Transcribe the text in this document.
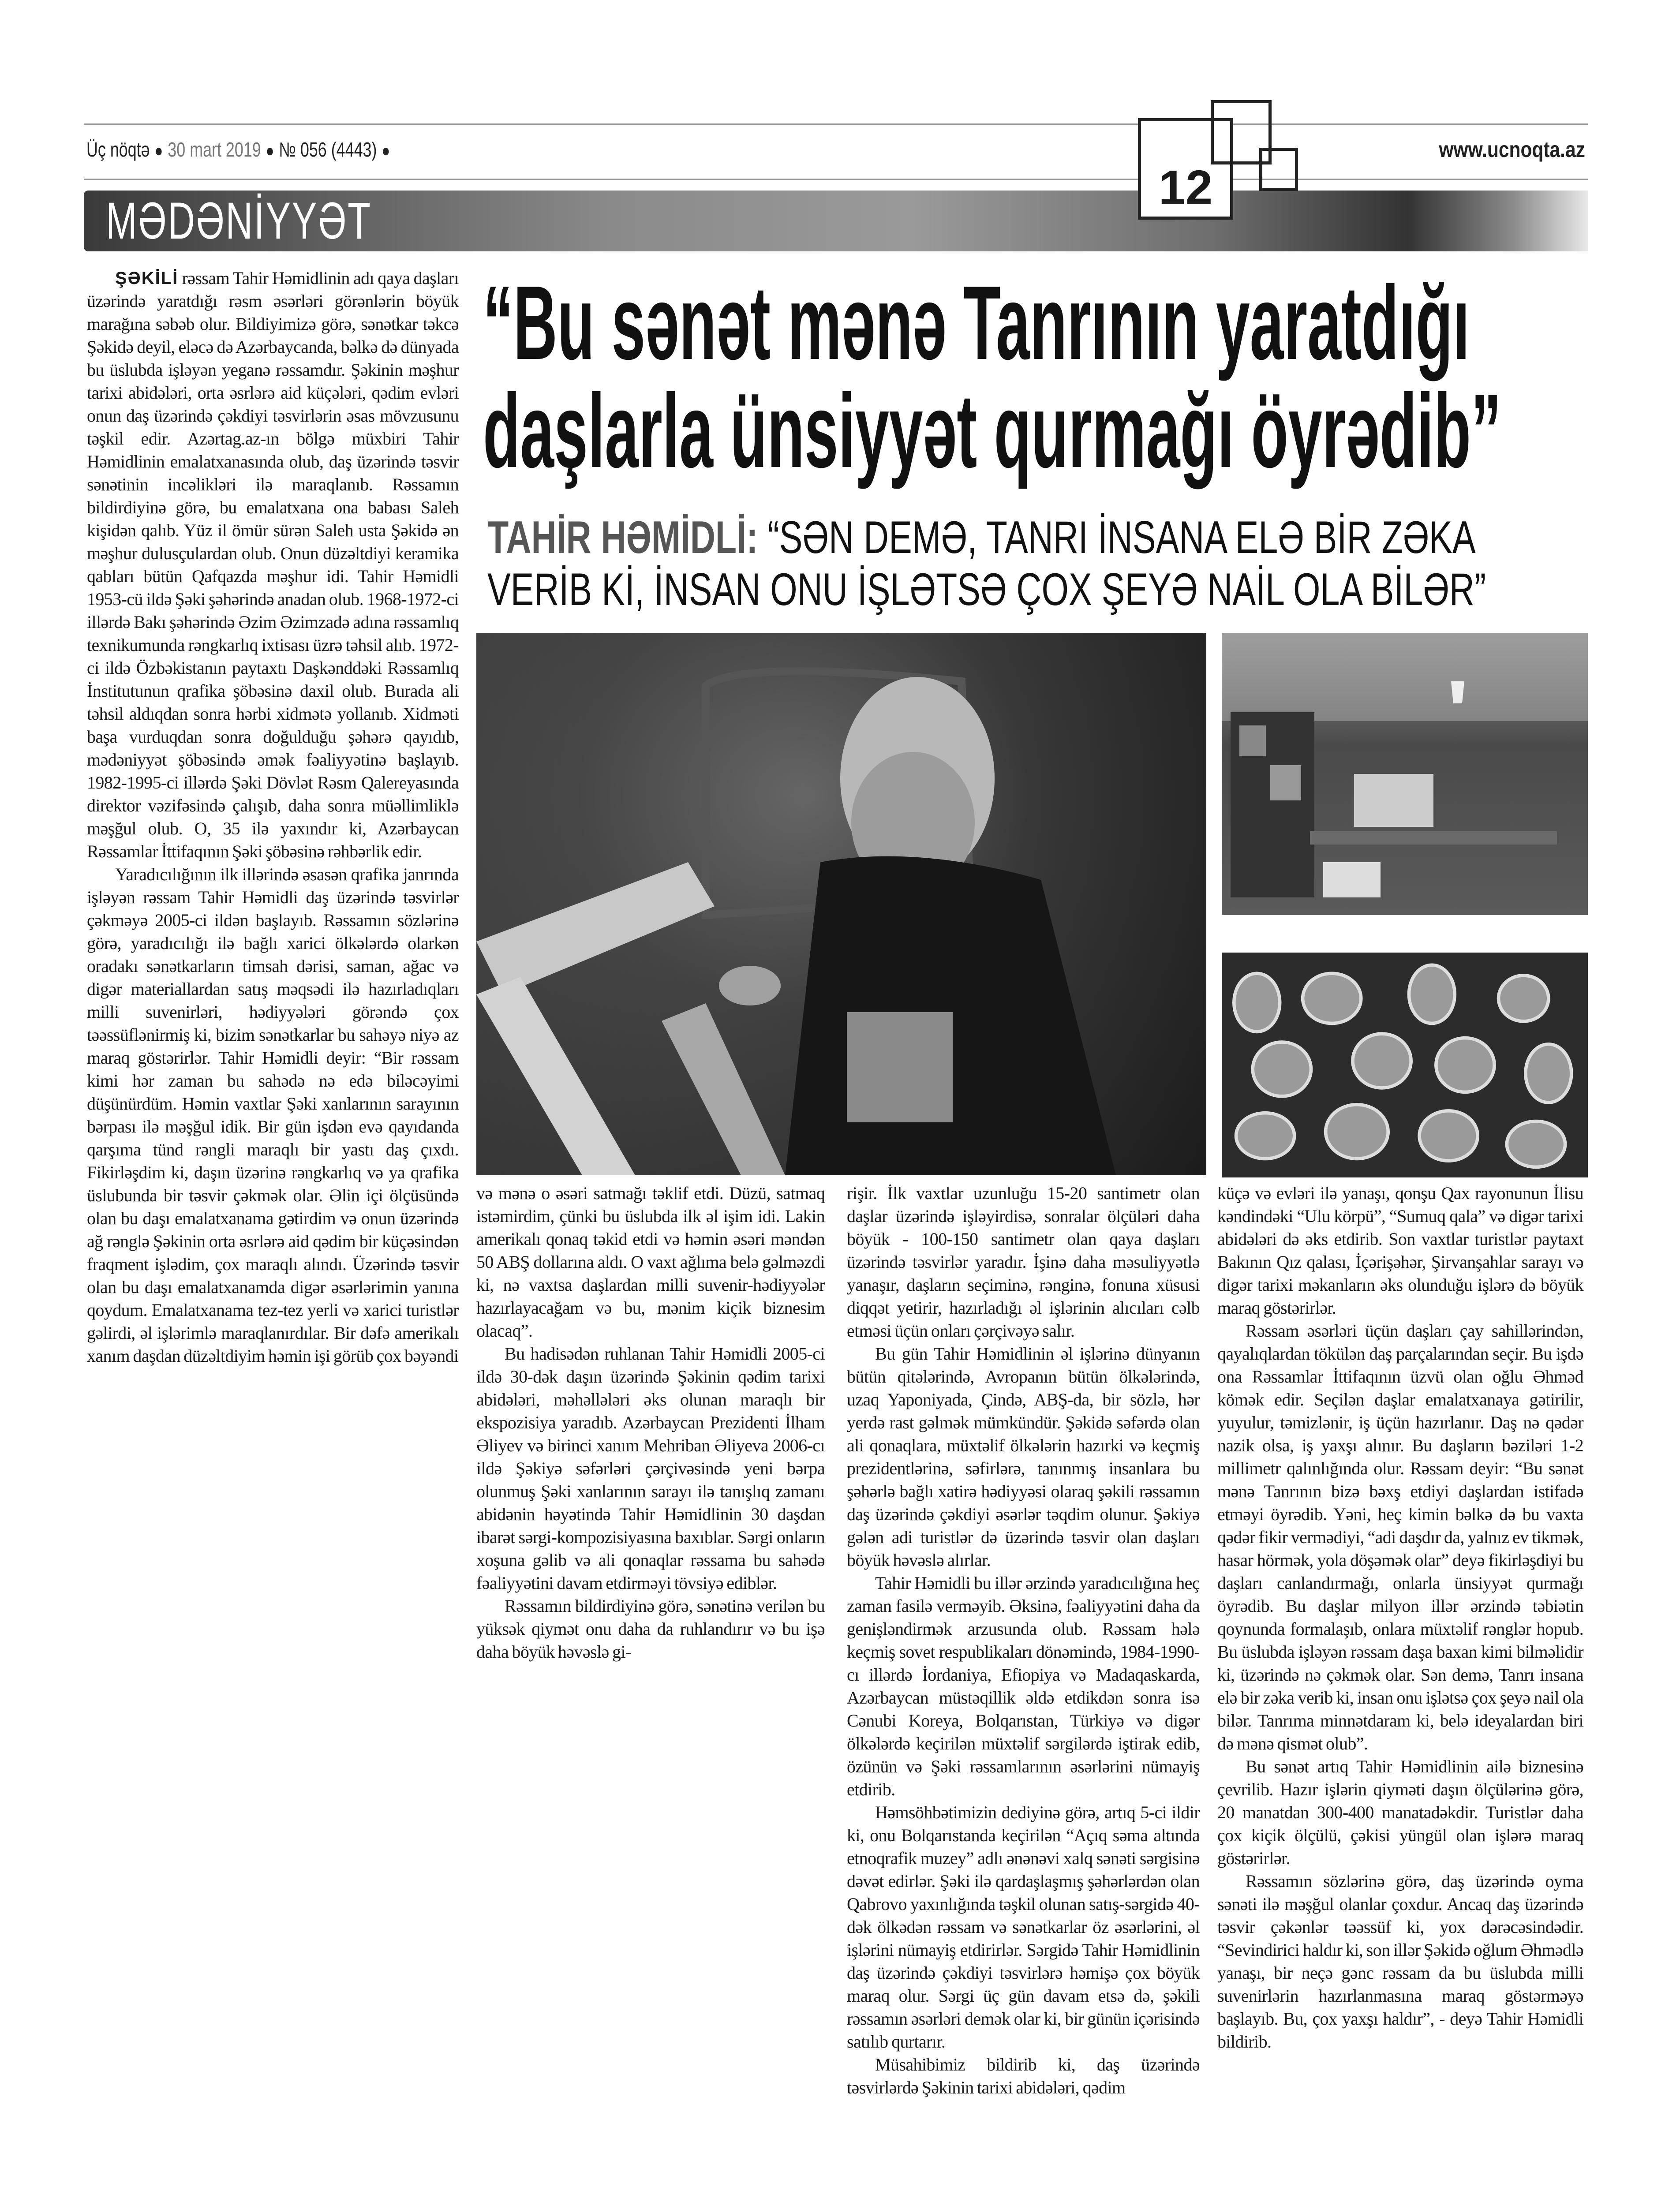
Üç nöqtə ● 30 mart 2019 ● № 056 (4443) ●	www.ucnoqta.az
12
MƏDƏNİYYƏT
“Bu sənət mənə Tanrının yaratdığı
daşlarla ünsiyyət qurmağı öyrədib”
TAHİR HƏMİDLİ: “SƏN DEMƏ, TANRI İNSANA ELƏ BİR ZƏKA
VERİB Kİ, İNSAN ONU İŞLƏTSƏ ÇOX ŞEYƏ NAİL OLA BİLƏR”

ŞƏKİLİ rəssam Tahir Həmidlinin adı qaya daşları üzərində yaratdığı rəsm əsərləri görənlərin böyük marağına səbəb olur. Bildiyimizə görə, sənətkar təkcə Şəkidə deyil, eləcə də Azərbaycanda, bəlkə də dünyada bu üslubda işləyən yeganə rəssamdır. Şəkinin məşhur tarixi abidələri, orta əsrlərə aid küçələri, qədim evləri onun daş üzərində çəkdiyi təsvirlərin əsas mövzusunu təşkil edir. Azərtag.az-ın bölgə müxbiri Tahir Həmidlinin emalatxanasında olub, daş üzərində təsvir sənətinin incəlikləri ilə maraqlanıb. Rəssamın bildirdiyinə görə, bu emalatxana ona babası Saleh kişidən qalıb. Yüz il ömür sürən Saleh usta Şəkidə ən məşhur dulusçulardan olub. Onun düzəltdiyi keramika qabları bütün Qafqazda məşhur idi. Tahir Həmidli 1953-cü ildə Şəki şəhərində anadan olub. 1968-1972-ci illərdə Bakı şəhərində Əzim Əzimzadə adına rəssamlıq texnikumunda rəngkarlıq ixtisası üzrə təhsil alıb. 1972-ci ildə Özbəkistanın paytaxtı Daşkənddəki Rəssamlıq İnstitutunun qrafika şöbəsinə daxil olub. Burada ali təhsil aldıqdan sonra hərbi xidmətə yollanıb. Xidməti başa vurduqdan sonra doğulduğu şəhərə qayıdıb, mədəniyyət şöbəsində əmək fəaliyyətinə başlayıb. 1982-1995-ci illərdə Şəki Dövlət Rəsm Qalereyasında direktor vəzifəsində çalışıb, daha sonra müəllimliklə məşğul olub. O, 35 ilə yaxındır ki, Azərbaycan Rəssamlar İttifaqının Şəki şöbəsinə rəhbərlik edir.

Yaradıcılığının ilk illərində əsasən qrafika janrında işləyən rəssam Tahir Həmidli daş üzərində təsvirlər çəkməyə 2005-ci ildən başlayıb. Rəssamın sözlərinə görə, yaradıcılığı ilə bağlı xarici ölkələrdə olarkən oradakı sənətkarların timsah dərisi, saman, ağac və digər materiallardan satış məqsədi ilə hazırladıqları milli suvenirləri, hədiyyələri görəndə çox təəssüflənirmiş ki, bizim sənətkarlar bu sahəyə niyə az maraq göstərirlər. Tahir Həmidli deyir: “Bir rəssam kimi hər zaman bu sahədə nə edə biləcəyimi düşünürdüm. Həmin vaxtlar Şəki xanlarının sarayının bərpası ilə məşğul idik. Bir gün işdən evə qayıdanda qarşıma tünd rəngli maraqlı bir yastı daş çıxdı. Fikirləşdim ki, daşın üzərinə rəngkarlıq və ya qrafika üslubunda bir təsvir çəkmək olar. Əlin içi ölçüsündə olan bu daşı emalatxanama gətirdim və onun üzərində ağ rənglə Şəkinin orta əsrlərə aid qədim bir küçəsindən fraqment işlədim, çox maraqlı alındı. Üzərində təsvir olan bu daşı emalatxanamda digər əsərlərimin yanına qoydum. Emalatxanama tez-tez yerli və xarici turistlər gəlirdi, əl işlərimlə maraqlanırdılar. Bir dəfə amerikalı xanım daşdan düzəltdiyim həmin işi görüb çox bəyəndi

və mənə o əsəri satmağı təklif etdi. Düzü, satmaq istəmirdim, çünki bu üslubda ilk əl işim idi. Lakin amerikalı qonaq təkid etdi və həmin əsəri məndən 50 ABŞ dollarına aldı. O vaxt ağlıma belə gəlməzdi ki, nə vaxtsa daşlardan milli suvenir-hədiyyələr hazırlayacağam və bu, mənim kiçik biznesim olacaq”.

Bu hadisədən ruhlanan Tahir Həmidli 2005-ci ildə 30-dək daşın üzərində Şəkinin qədim tarixi abidələri, məhəllələri əks olunan maraqlı bir ekspozisiya yaradıb. Azərbaycan Prezidenti İlham Əliyev və birinci xanım Mehriban Əliyeva 2006-cı ildə Şəkiyə səfərləri çərçivəsində yeni bərpa olunmuş Şəki xanlarının sarayı ilə tanışlıq zamanı abidənin həyətində Tahir Həmidlinin 30 daşdan ibarət sərgi-kompozisiyasına baxıblar. Sərgi onların xoşuna gəlib və ali qonaqlar rəssama bu sahədə fəaliyyətini davam etdirməyi tövsiyə ediblər.

Rəssamın bildirdiyinə görə, sənətinə verilən bu yüksək qiymət onu daha da ruhlandırır və bu işə daha böyük həvəslə gi-

rişir. İlk vaxtlar uzunluğu 15-20 santimetr olan daşlar üzərində işləyirdisə, sonralar ölçüləri daha böyük - 100-150 santimetr olan qaya daşları üzərində təsvirlər yaradır. İşinə daha məsuliyyətlə yanaşır, daşların seçiminə, rənginə, fonuna xüsusi diqqət yetirir, hazırladığı əl işlərinin alıcıları cəlb etməsi üçün onları çərçivəyə salır.

Bu gün Tahir Həmidlinin əl işlərinə dünyanın bütün qitələrində, Avropanın bütün ölkələrində, uzaq Yaponiyada, Çində, ABŞ-da, bir sözlə, hər yerdə rast gəlmək mümkündür. Şəkidə səfərdə olan ali qonaqlara, müxtəlif ölkələrin hazırki və keçmiş prezidentlərinə, səfirlərə, tanınmış insanlara bu şəhərlə bağlı xatirə hədiyyəsi olaraq şəkili rəssamın daş üzərində çəkdiyi əsərlər təqdim olunur. Şəkiyə gələn adi turistlər də üzərində təsvir olan daşları böyük həvəslə alırlar.

Tahir Həmidli bu illər ərzində yaradıcılığına heç zaman fasilə verməyib. Əksinə, fəaliyyətini daha da genişləndirmək arzusunda olub. Rəssam hələ keçmiş sovet respublikaları dönəmində, 1984-1990-cı illərdə İordaniya, Efiopiya və Madaqaskarda, Azərbaycan müstəqillik əldə etdikdən sonra isə Cənubi Koreya, Bolqarıstan, Türkiyə və digər ölkələrdə keçirilən müxtəlif sərgilərdə iştirak edib, özünün və Şəki rəssamlarının əsərlərini nümayiş etdirib.

Həmsöhbətimizin dediyinə görə, artıq 5-ci ildir ki, onu Bolqarıstanda keçirilən “Açıq səma altında etnoqrafik muzey” adlı ənənəvi xalq sənəti sərgisinə dəvət edirlər. Şəki ilə qardaşlaşmış şəhərlərdən olan Qabrovo yaxınlığında təşkil olunan satış-sərgidə 40-dək ölkədən rəssam və sənətkarlar öz əsərlərini, əl işlərini nümayiş etdirirlər. Sərgidə Tahir Həmidlinin daş üzərində çəkdiyi təsvirlərə həmişə çox böyük maraq olur. Sərgi üç gün davam etsə də, şəkili rəssamın əsərləri demək olar ki, bir günün içərisində satılıb qurtarır.

Müsahibimiz bildirib ki, daş üzərində təsvirlərdə Şəkinin tarixi abidələri, qədim

küçə və evləri ilə yanaşı, qonşu Qax rayonunun İlisu kəndindəki “Ulu körpü”, “Sumuq qala” və digər tarixi abidələri də əks etdirib. Son vaxtlar turistlər paytaxt Bakının Qız qalası, İçərişəhər, Şirvanşahlar sarayı və digər tarixi məkanların əks olunduğu işlərə də böyük maraq göstərirlər.

Rəssam əsərləri üçün daşları çay sahillərindən, qayalıqlardan tökülən daş parçalarından seçir. Bu işdə ona Rəssamlar İttifaqının üzvü olan oğlu Əhməd kömək edir. Seçilən daşlar emalatxanaya gətirilir, yuyulur, təmizlənir, iş üçün hazırlanır. Daş nə qədər nazik olsa, iş yaxşı alınır. Bu daşların bəziləri 1-2 millimetr qalınlığında olur. Rəssam deyir: “Bu sənət mənə Tanrının bizə bəxş etdiyi daşlardan istifadə etməyi öyrədib. Yəni, heç kimin bəlkə də bu vaxta qədər fikir vermədiyi, “adi daşdır da, yalnız ev tikmək, hasar hörmək, yola döşəmək olar” deyə fikirləşdiyi bu daşları canlandırmağı, onlarla ünsiyyət qurmağı öyrədib. Bu daşlar milyon illər ərzində təbiətin qoynunda formalaşıb, onlara müxtəlif rənglər hopub. Bu üslubda işləyən rəssam daşa baxan kimi bilməlidir ki, üzərində nə çəkmək olar. Sən demə, Tanrı insana elə bir zəka verib ki, insan onu işlətsə çox şeyə nail ola bilər. Tanrıma minnətdaram ki, belə ideyalardan biri də mənə qismət olub”.

Bu sənət artıq Tahir Həmidlinin ailə biznesinə çevrilib. Hazır işlərin qiyməti daşın ölçülərinə görə, 20 manatdan 300-400 manatadəkdir. Turistlər daha çox kiçik ölçülü, çəkisi yüngül olan işlərə maraq göstərirlər.

Rəssamın sözlərinə görə, daş üzərində oyma sənəti ilə məşğul olanlar çoxdur. Ancaq daş üzərində təsvir çəkənlər təəssüf ki, yox dərəcəsindədir. “Sevindirici haldır ki, son illər Şəkidə oğlum Əhmədlə yanaşı, bir neçə gənc rəssam da bu üslubda milli suvenirlərin hazırlanmasına maraq göstərməyə başlayıb. Bu, çox yaxşı haldır”, - deyə Tahir Həmidli bildirib.
